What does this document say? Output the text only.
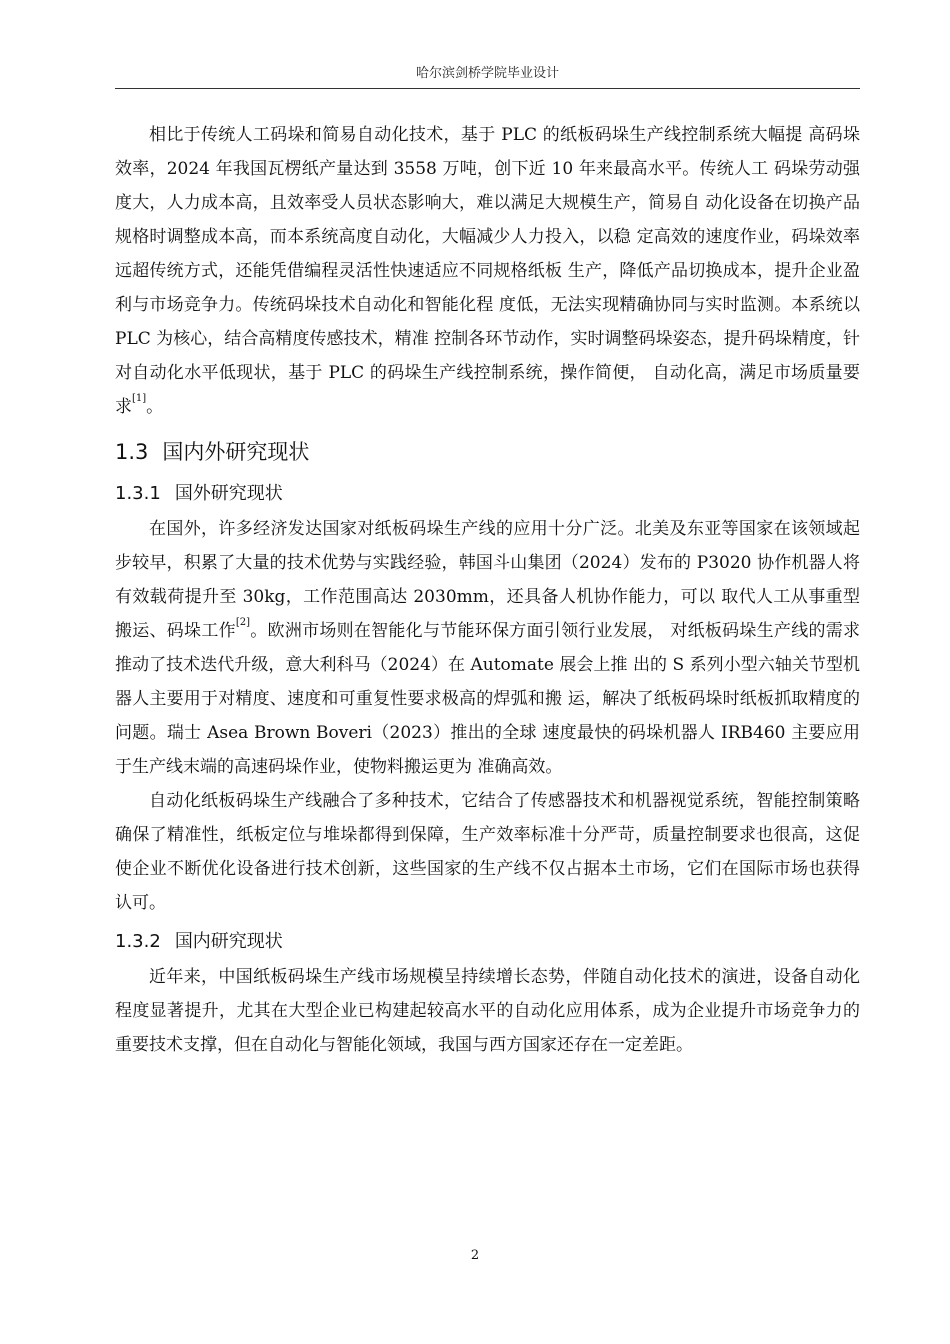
哈尔滨剑桥学院毕业设计

相比于传统人工码垛和简易自动化技术，基于 PLC 的纸板码垛生产线控制系统大幅提 高码垛效率，2024 年我国瓦楞纸产量达到 3558 万吨，创下近 10 年来最高水平。传统人工 码垛劳动强度大，人力成本高，且效率受人员状态影响大，难以满足大规模生产，简易自 动化设备在切换产品规格时调整成本高，而本系统高度自动化，大幅减少人力投入，以稳 定高效的速度作业，码垛效率远超传统方式，还能凭借编程灵活性快速适应不同规格纸板 生产，降低产品切换成本，提升企业盈利与市场竞争力。传统码垛技术自动化和智能化程 度低，无法实现精确协同与实时监测。本系统以 PLC 为核心，结合高精度传感技术，精准 控制各环节动作，实时调整码垛姿态，提升码垛精度，针对自动化水平低现状，基于 PLC 的码垛生产线控制系统，操作简便， 自动化高，满足市场质量要求[1]。

1.3 国内外研究现状
1.3.1 国外研究现状

在国外，许多经济发达国家对纸板码垛生产线的应用十分广泛。北美及东亚等国家在该领域起步较早，积累了大量的技术优势与实践经验，韩国斗山集团（2024）发布的 P3020 协作机器人将有效载荷提升至 30kg，工作范围高达 2030mm，还具备人机协作能力，可以 取代人工从事重型搬运、码垛工作[2]。欧洲市场则在智能化与节能环保方面引领行业发展， 对纸板码垛生产线的需求推动了技术迭代升级，意大利科马（2024）在 Automate 展会上推 出的 S 系列小型六轴关节型机器人主要用于对精度、速度和可重复性要求极高的焊弧和搬 运，解决了纸板码垛时纸板抓取精度的问题。瑞士 Asea Brown Boveri（2023）推出的全球 速度最快的码垛机器人 IRB460 主要应用于生产线末端的高速码垛作业，使物料搬运更为 准确高效。

自动化纸板码垛生产线融合了多种技术，它结合了传感器技术和机器视觉系统，智能控制策略确保了精准性，纸板定位与堆垛都得到保障，生产效率标准十分严苛，质量控制要求也很高，这促使企业不断优化设备进行技术创新，这些国家的生产线不仅占据本土市场，它们在国际市场也获得认可。

1.3.2 国内研究现状

近年来，中国纸板码垛生产线市场规模呈持续增长态势，伴随自动化技术的演进，设备自动化程度显著提升，尤其在大型企业已构建起较高水平的自动化应用体系，成为企业提升市场竞争力的重要技术支撑，但在自动化与智能化领域，我国与西方国家还存在一定差距。

2
